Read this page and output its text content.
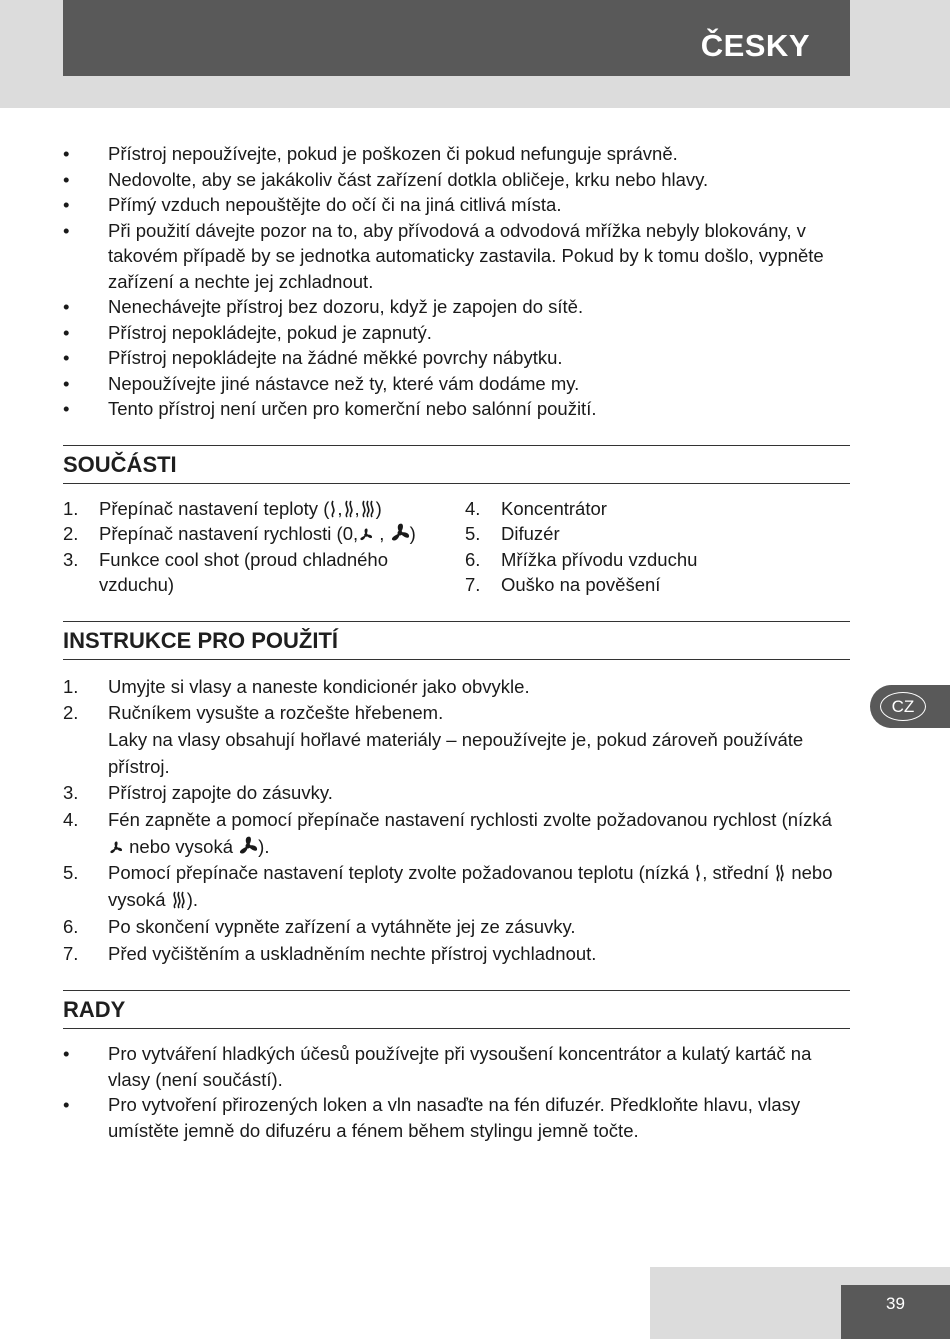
ČESKY
• Přístroj nepoužívejte, pokud je poškozen či pokud nefunguje správně.
• Nedovolte, aby se jakákoliv část zařízení dotkla obličeje, krku nebo hlavy.
• Přímý vzduch nepouštějte do očí či na jiná citlivá místa.
• Při použití dávejte pozor na to, aby přívodová a odvodová mřížka nebyly blokovány, v takovém případě by se jednotka automaticky zastavila. Pokud by k tomu došlo, vypněte zařízení a nechte jej zchladnout.
• Nenechávejte přístroj bez dozoru, když je zapojen do sítě.
• Přístroj nepokládejte, pokud je zapnutý.
• Přístroj nepokládejte na žádné měkké povrchy nábytku.
• Nepoužívejte jiné nástavce než ty, které vám dodáme my.
• Tento přístroj není určen pro komerční nebo salónní použití.
SOUČÁSTI
1. Přepínač nastavení teploty ( , , )
2. Přepínač nastavení rychlosti (0, , )
3. Funkce cool shot (proud chladného vzduchu)
4. Koncentrátor
5. Difuzér
6. Mřížka přívodu vzduchu
7. Ouško na pověšení
INSTRUKCE PRO POUŽITÍ
1. Umyjte si vlasy a naneste kondicionér jako obvykle.
2. Ručníkem vysušte a rozčešte hřebenem.
Laky na vlasy obsahují hořlavé materiály – nepoužívejte je, pokud zároveň používáte přístroj.
3. Přístroj zapojte do zásuvky.
4. Fén zapněte a pomocí přepínače nastavení rychlosti zvolte požadovanou rychlost (nízká  nebo vysoká ).
5. Pomocí přepínače nastavení teploty zvolte požadovanou teplotu (nízká , střední  nebo vysoká ).
6. Po skončení vypněte zařízení a vytáhněte jej ze zásuvky.
7. Před vyčištěním a uskladněním nechte přístroj vychladnout.
RADY
• Pro vytváření hladkých účesů používejte při vysoušení koncentrátor a kulatý kartáč na vlasy (není součástí).
• Pro vytvoření přirozených loken a vln nasaďte na fén difuzér. Předkloňte hlavu, vlasy umístěte jemně do difuzéru a fénem během stylingu jemně točte.
CZ
39
